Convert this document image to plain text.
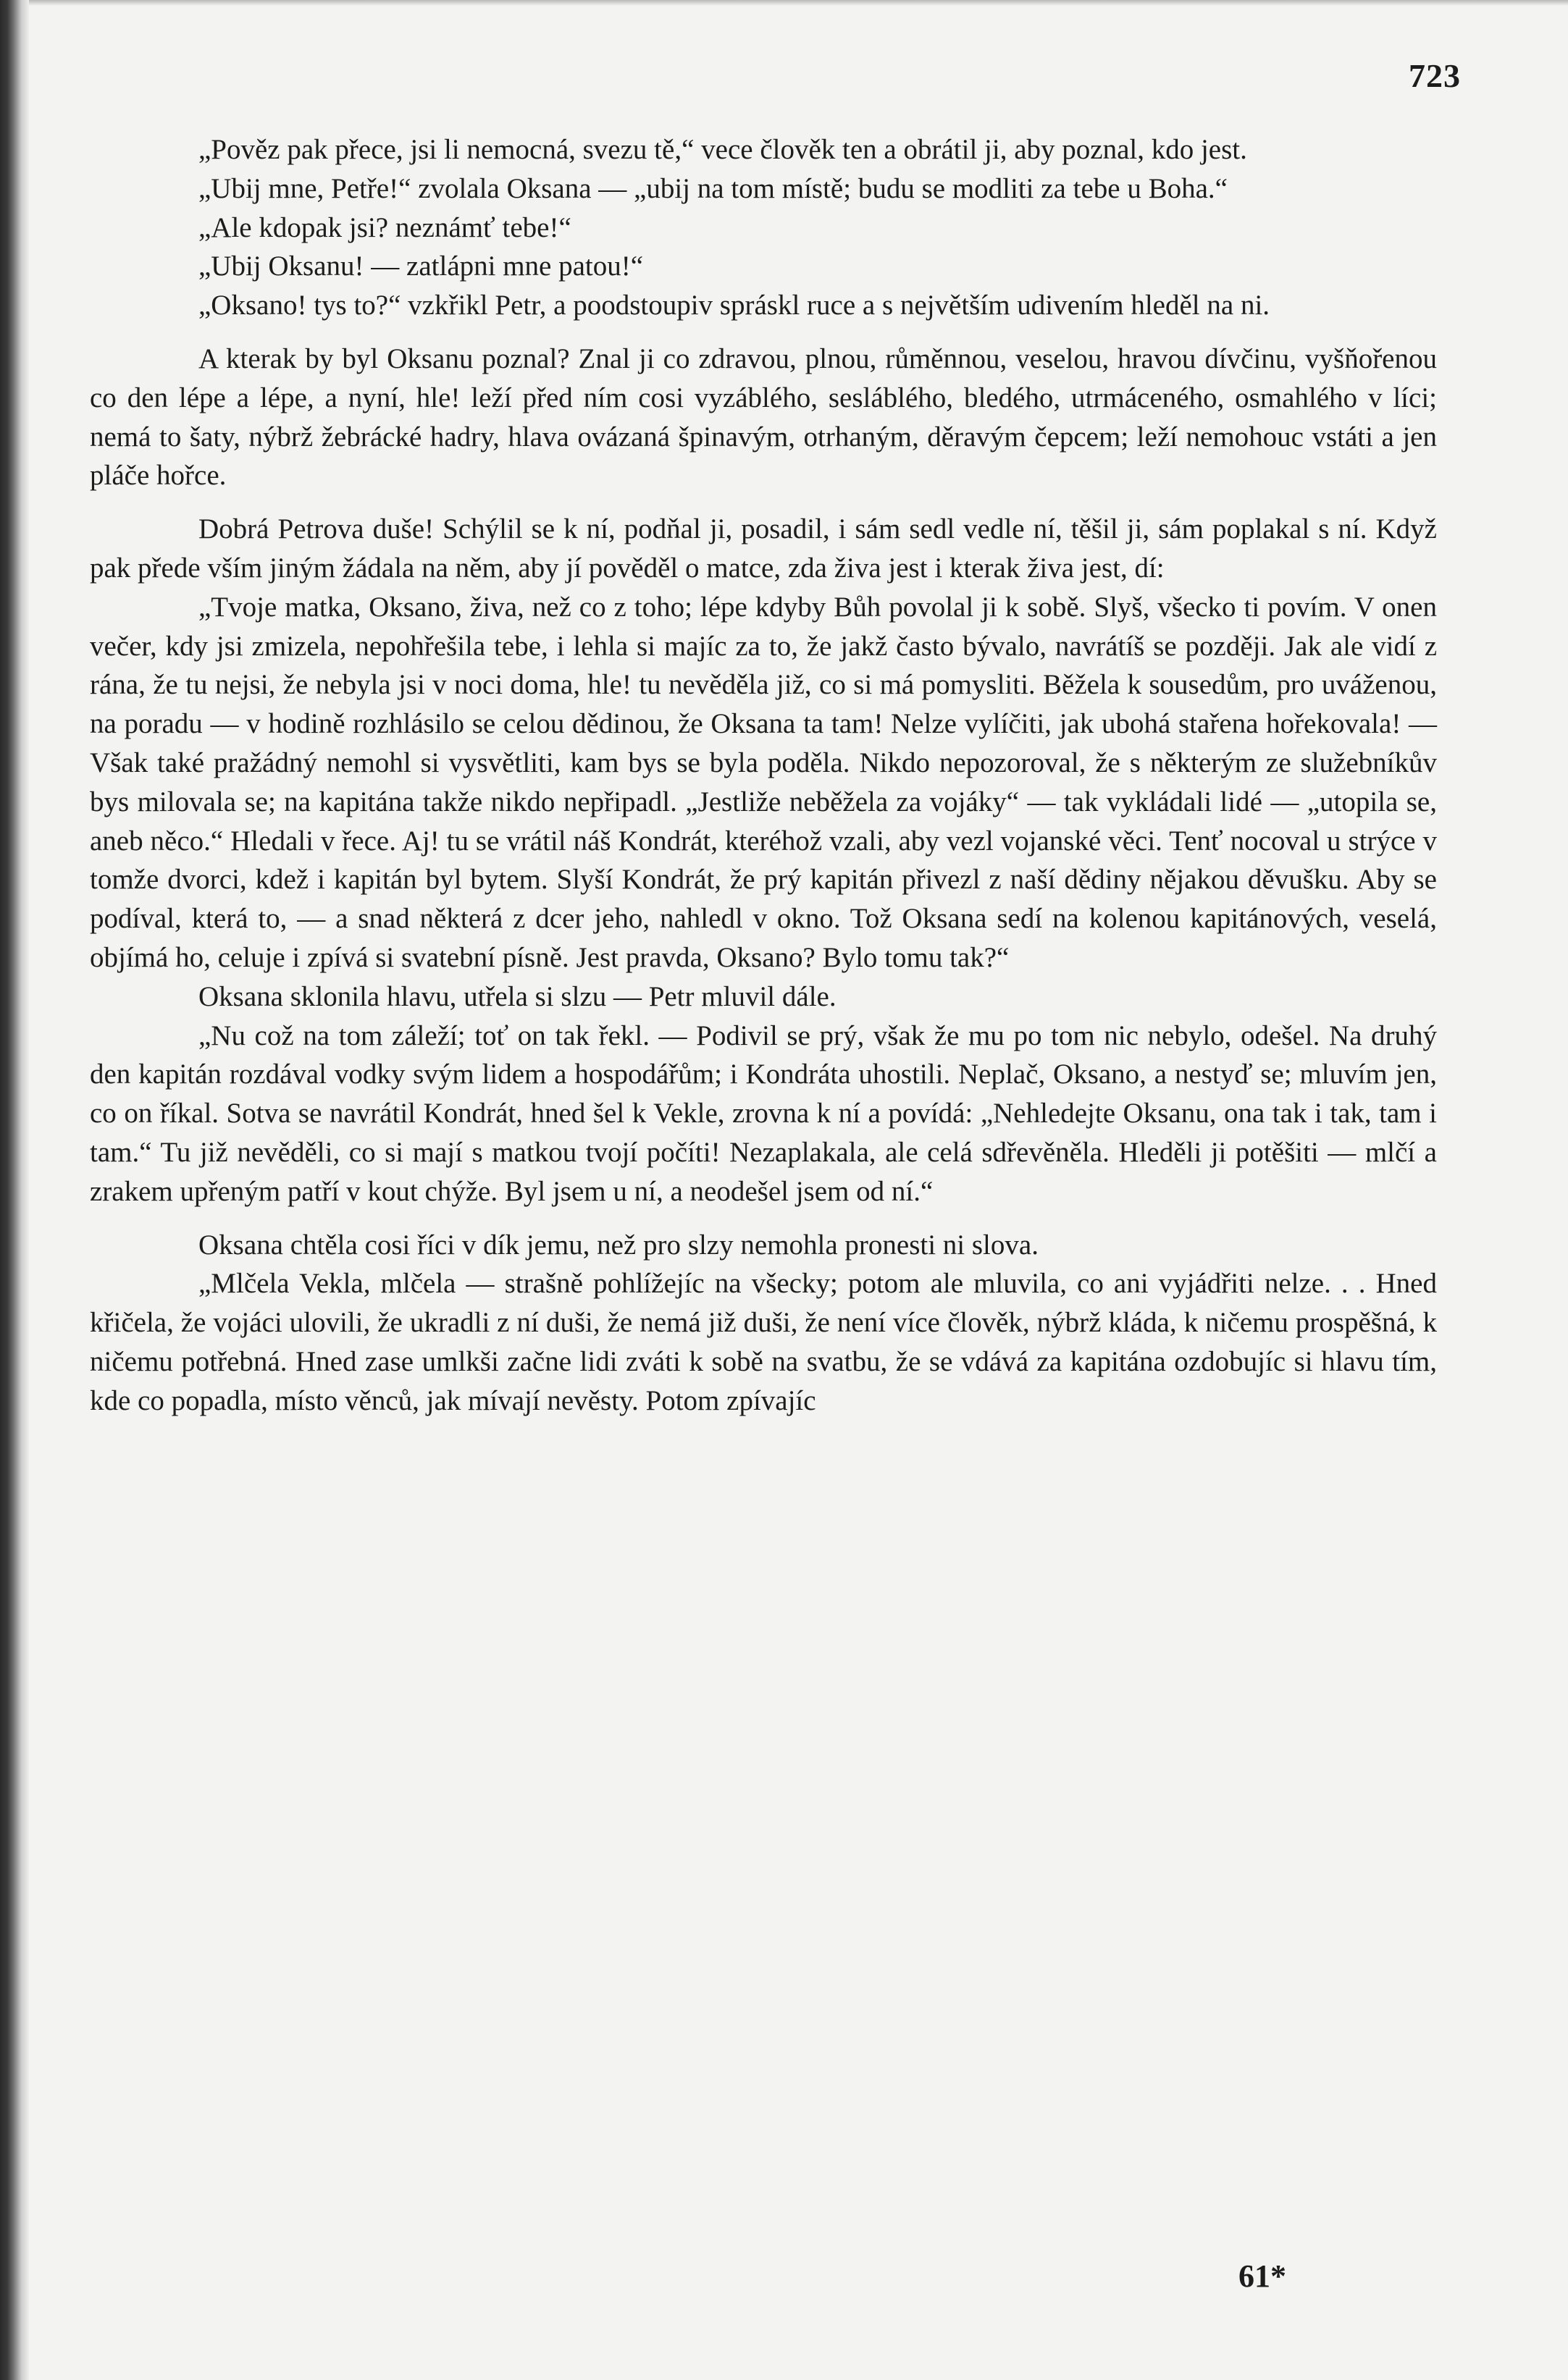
723

„Pověz pak přece, jsi li nemocná, svezu tě,“ vece člověk ten a obrátil ji, aby poznal, kdo jest.

„Ubij mne, Petře!“ zvolala Oksana — „ubij na tom místě; budu se modliti za tebe u Boha.“

„Ale kdopak jsi? neznámť tebe!“

„Ubij Oksanu! — zatlápni mne patou!“

„Oksano! tys to?“ vzkřikl Petr, a poodstoupiv spráskl ruce a s největším udivením hleděl na ni.

A kterak by byl Oksanu poznal? Znal ji co zdravou, plnou, růměnnou, veselou, hravou dívčinu, vyšňořenou co den lépe a lépe, a nyní, hle! leží před ním cosi vyzáblého, sesláblého, bledého, utrmáceného, osmahlého v líci; nemá to šaty, nýbrž žebrácké hadry, hlava ovázaná špinavým, otrhaným, děravým čepcem; leží nemohouc vstáti a jen pláče hořce.

Dobrá Petrova duše! Schýlil se k ní, podňal ji, posadil, i sám sedl vedle ní, těšil ji, sám poplakal s ní. Když pak přede vším jiným žádala na něm, aby jí pověděl o matce, zda živa jest i kterak živa jest, dí:

„Tvoje matka, Oksano, živa, než co z toho; lépe kdyby Bůh povolal ji k sobě. Slyš, všecko ti povím. V onen večer, kdy jsi zmizela, nepohřešila tebe, i lehla si majíc za to, že jakž často bývalo, navrátíš se později. Jak ale vidí z rána, že tu nejsi, že nebyla jsi v noci doma, hle! tu nevěděla již, co si má pomysliti. Běžela k sousedům, pro uváženou, na poradu — v hodině rozhlásilo se celou dědinou, že Oksana ta tam! Nelze vylíčiti, jak ubohá stařena hořekovala! — Však také pražádný nemohl si vysvětliti, kam bys se byla poděla. Nikdo nepozoroval, že s některým ze služebníkův bys milovala se; na kapitána takže nikdo nepřipadl. „Jestliže neběžela za vojáky“ — tak vykládali lidé — „utopila se, aneb něco.“ Hledali v řece. Aj! tu se vrátil náš Kondrát, kteréhož vzali, aby vezl vojanské věci. Tenť nocoval u strýce v tomže dvorci, kdež i kapitán byl bytem. Slyší Kondrát, že prý kapitán přivezl z naší dědiny nějakou děvušku. Aby se podíval, která to, — a snad některá z dcer jeho, nahledl v okno. Tož Oksana sedí na kolenou kapitánových, veselá, objímá ho, celuje i zpívá si svatební písně. Jest pravda, Oksano? Bylo tomu tak?“

Oksana sklonila hlavu, utřela si slzu — Petr mluvil dále.

„Nu což na tom záleží; toť on tak řekl. — Podivil se prý, však že mu po tom nic nebylo, odešel. Na druhý den kapitán rozdával vodky svým lidem a hospodářům; i Kondráta uhostili. Neplač, Oksano, a nestyď se; mluvím jen, co on říkal. Sotva se navrátil Kondrát, hned šel k Vekle, zrovna k ní a povídá: „Nehledejte Oksanu, ona tak i tak, tam i tam.“ Tu již nevěděli, co si mají s matkou tvojí počíti! Nezaplakala, ale celá sdřevěněla. Hleděli ji potěšiti — mlčí a zrakem upřeným patří v kout chýže. Byl jsem u ní, a neodešel jsem od ní.“

Oksana chtěla cosi říci v dík jemu, než pro slzy nemohla pronesti ni slova.

„Mlčela Vekla, mlčela — strašně pohlížejíc na všecky; potom ale mluvila, co ani vyjádřiti nelze. . . Hned křičela, že vojáci ulovili, že ukradli z ní duši, že nemá již duši, že není více člověk, nýbrž kláda, k ničemu prospěšná, k ničemu potřebná. Hned zase umlkši začne lidi zváti k sobě na svatbu, že se vdává za kapitána ozdobujíc si hlavu tím, kde co popadla, místo věnců, jak mívají nevěsty. Potom zpívajíc

61*
